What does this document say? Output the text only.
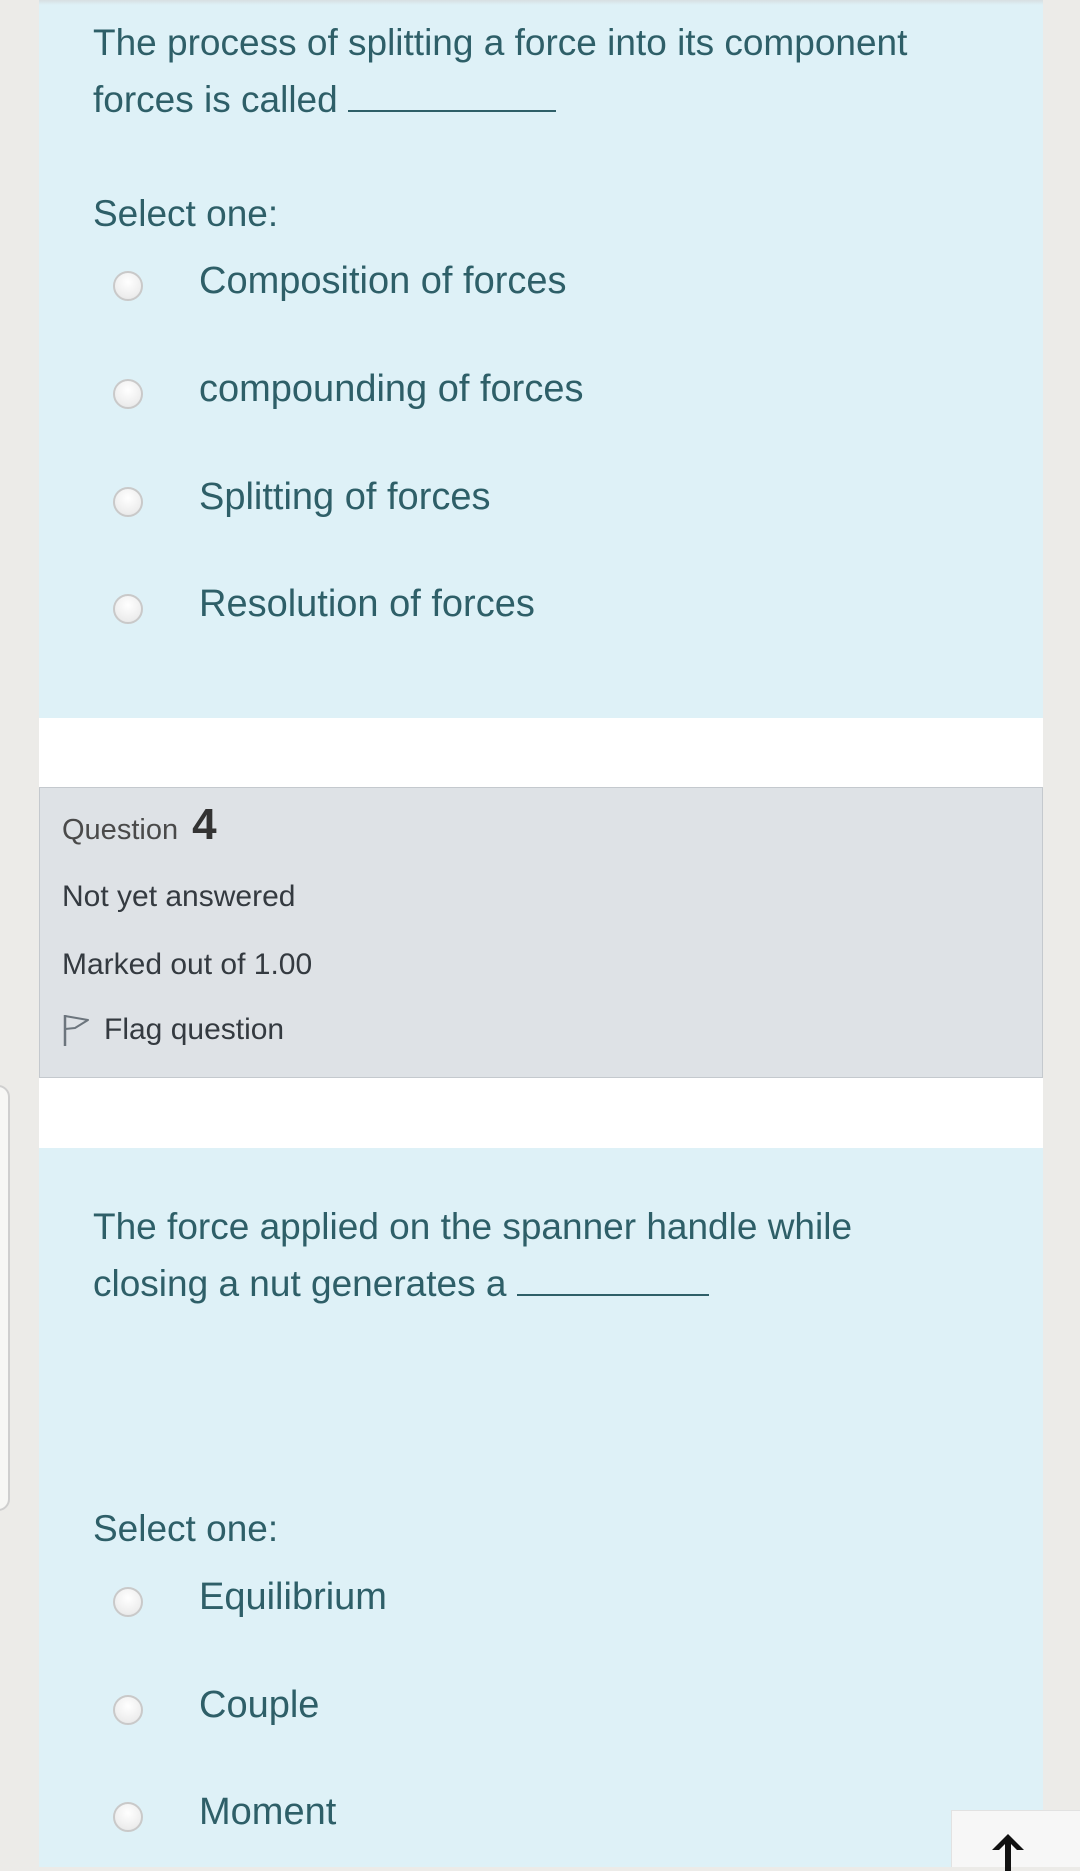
The process of splitting a force into its component
forces is called
Select one:
Composition of forces
compounding of forces
Splitting of forces
Resolution of forces
Question 4
Not yet answered
Marked out of 1.00
Flag question
The force applied on the spanner handle while
closing a nut generates a
Select one:
Equilibrium
Couple
Moment
